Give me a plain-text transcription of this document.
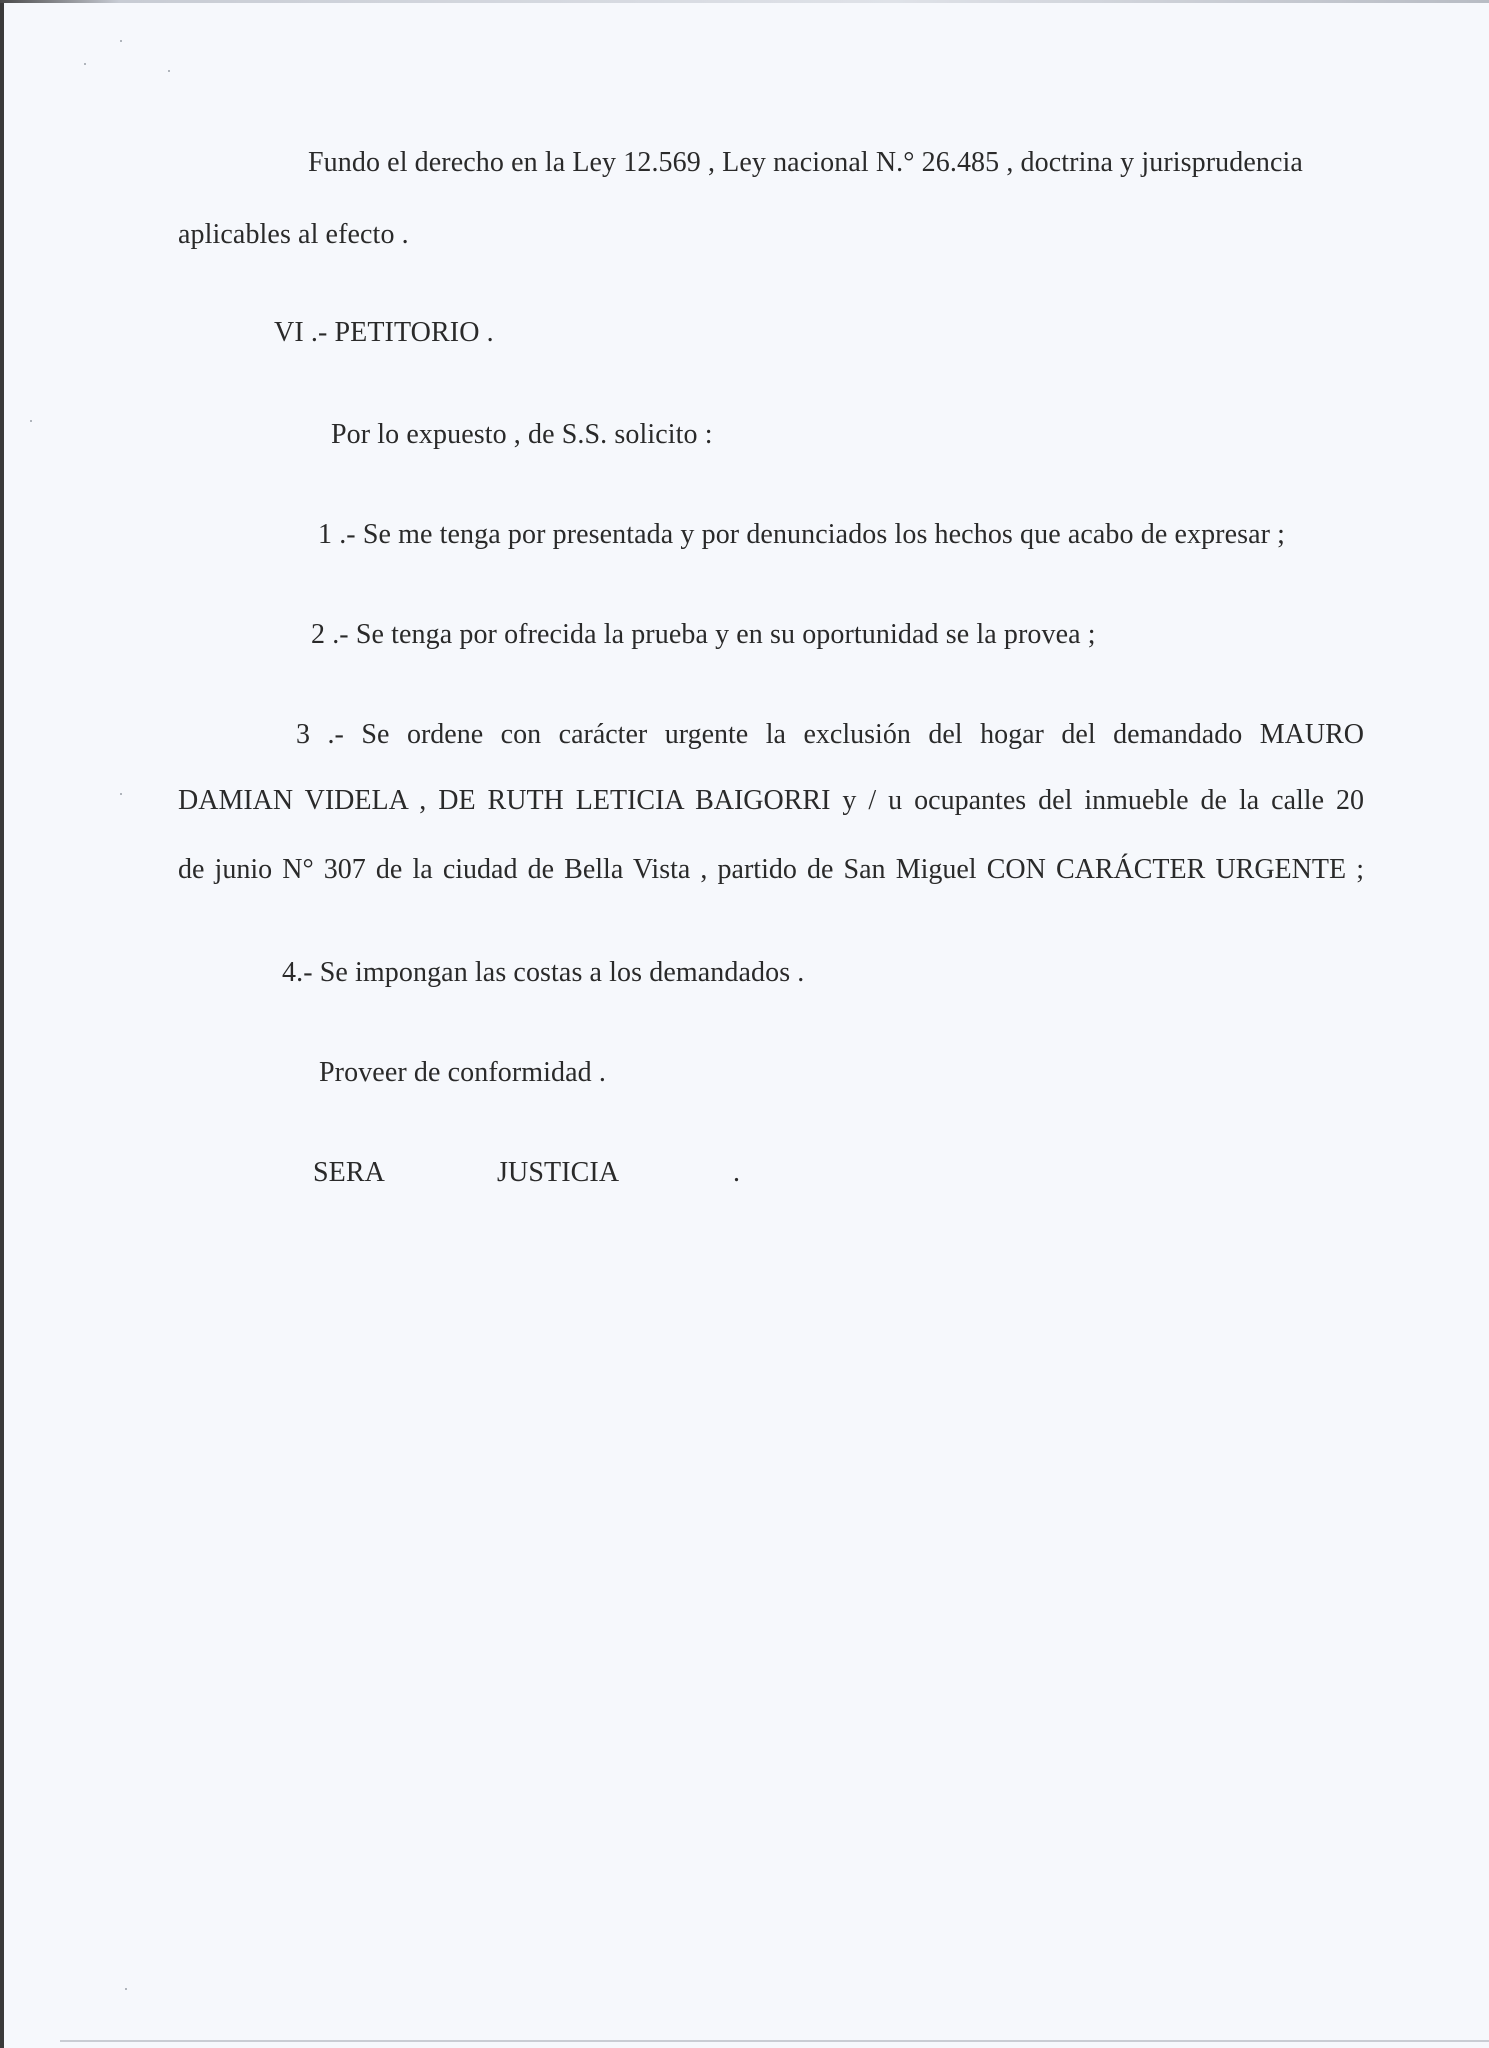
Fundo el derecho en la Ley 12.569 , Ley nacional N.° 26.485 , doctrina y jurisprudencia
aplicables al efecto .
VI .- PETITORIO .
Por lo expuesto , de S.S. solicito :
1 .- Se me tenga por presentada y por denunciados los hechos que acabo de expresar ;
2 .- Se tenga por ofrecida la prueba y en su oportunidad se la provea ;
3 .- Se ordene con carácter urgente la exclusión del hogar del demandado MAURO
DAMIAN VIDELA , DE RUTH LETICIA BAIGORRI y / u ocupantes del inmueble de la calle 20
de junio N° 307 de la ciudad de Bella Vista , partido de San Miguel CON CARÁCTER URGENTE ;
4.- Se impongan las costas a los demandados .
Proveer de conformidad .
SERA	JUSTICIA	.
